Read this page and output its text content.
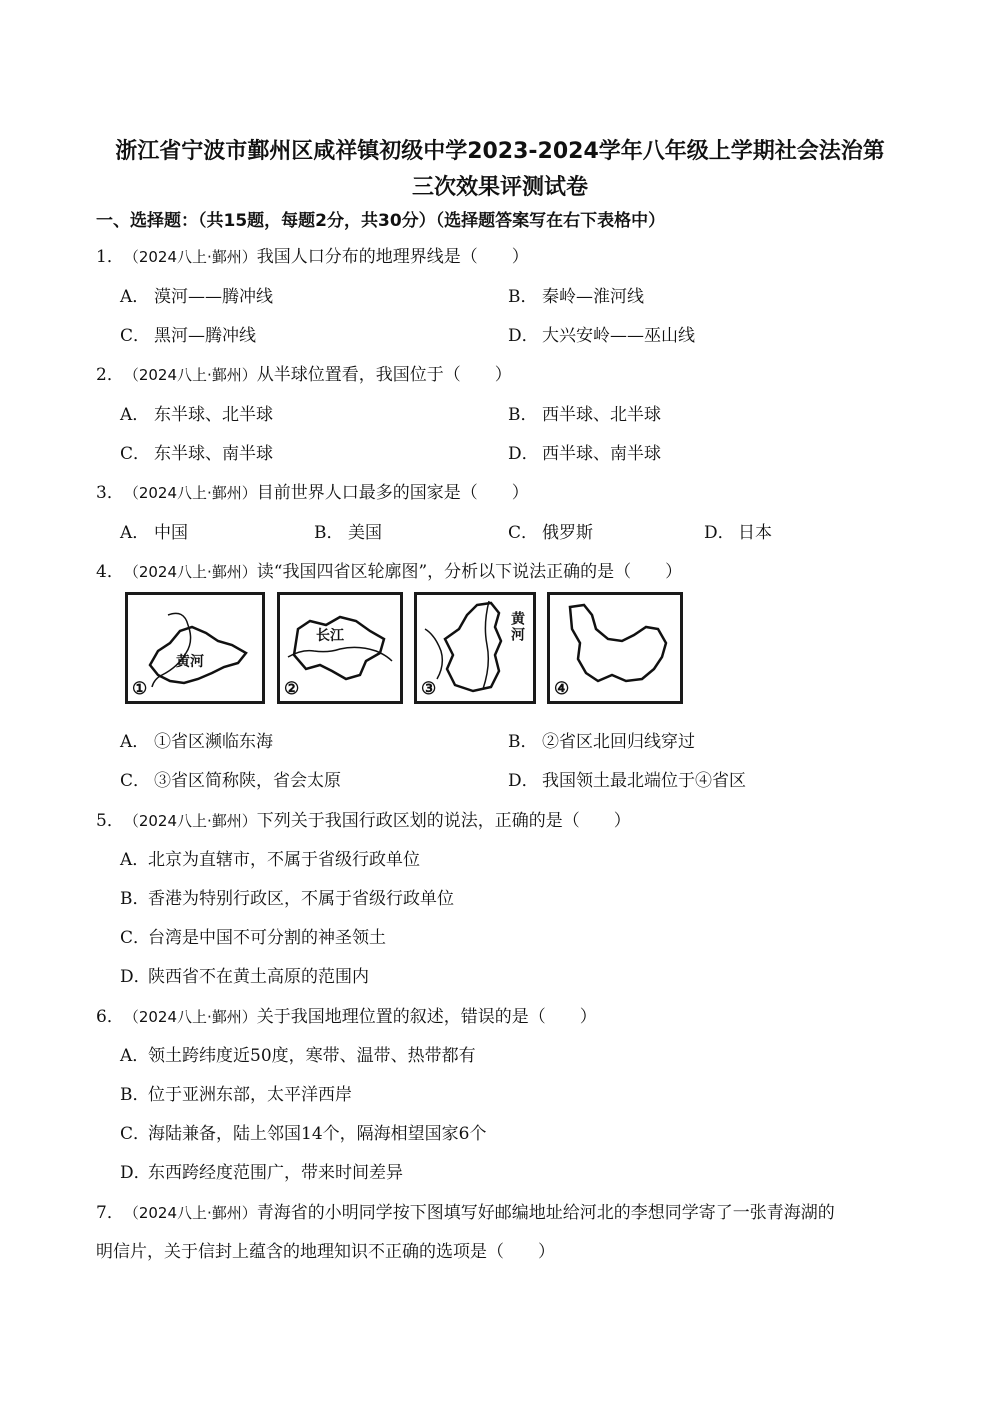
浙江省宁波市鄞州区咸祥镇初级中学2023-2024学年八年级上学期社会法治第
三次效果评测试卷
一、选择题：（共15题，每题2分，共30分）（选择题答案写在右下表格中）
1．（2024八上·鄞州）我国人口分布的地理界线是（　　）
A． 漠河——腾冲线	B． 秦岭—淮河线
C． 黑河—腾冲线	D． 大兴安岭——巫山线
2．（2024八上·鄞州）从半球位置看，我国位于（　　）
A． 东半球、北半球	B． 西半球、北半球
C． 东半球、南半球	D． 西半球、南半球
3．（2024八上·鄞州）目前世界人口最多的国家是（　　）
A． 中国	B． 美国	C． 俄罗斯	D． 日本
4．（2024八上·鄞州）读“我国四省区轮廓图”，分析以下说法正确的是（　　）
黄河
①
长江
②
黄河
③	④
A． ①省区濒临东海	B． ②省区北回归线穿过
C． ③省区简称陕，省会太原	D． 我国领土最北端位于④省区
5．（2024八上·鄞州）下列关于我国行政区划的说法，正确的是（　　）
A．北京为直辖市，不属于省级行政单位
B．香港为特别行政区，不属于省级行政单位
C．台湾是中国不可分割的神圣领土
D．陕西省不在黄土高原的范围内
6．（2024八上·鄞州）关于我国地理位置的叙述，错误的是（　　）
A．领土跨纬度近50度，寒带、温带、热带都有
B．位于亚洲东部，太平洋西岸
C．海陆兼备，陆上邻国14个，隔海相望国家6个
D．东西跨经度范围广，带来时间差异
7．（2024八上·鄞州）青海省的小明同学按下图填写好邮编地址给河北的李想同学寄了一张青海湖的
明信片，关于信封上蕴含的地理知识不正确的选项是（　　）
